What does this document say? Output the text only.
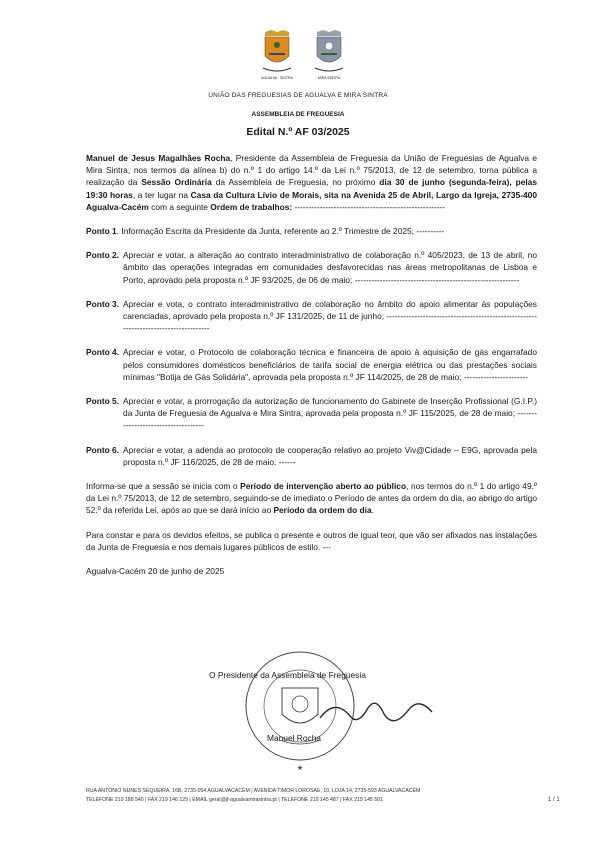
AGUALVA · SINTRA	MIRA SINTRA
UNIÃO DAS FREGUESIAS DE AGUALVA E MIRA SINTRA
ASSEMBLEIA DE FREGUESIA
Edital N.º AF 03/2025

Manuel de Jesus Magalhães Rocha, Presidente da Assembleia de Freguesia da União de Freguesias de Agualva e Mira Sintra, nos termos da alínea b) do n.º 1 do artigo 14.º da Lei n.º 75/2013, de 12 de setembro, torna pública a realização da Sessão Ordinária da Assembleia de Freguesia, no próximo dia 30 de junho (segunda-feira), pelas 19:30 horas, a ter lugar na Casa da Cultura Lívio de Morais, sita na Avenida 25 de Abril, Largo da Igreja, 2735-400 Agualva-Cacém com a seguinte Ordem de trabalhos: ------------------------------------------------------

Ponto 1. Informação Escrita da Presidente da Junta, referente ao 2.º Trimestre de 2025; ----------
Ponto 2. Apreciar e votar, a alteração ao contrato interadministrativo de colaboração n.º 405/2023, de 13 de abril, no âmbito das operações integradas em comunidades desfavorecidas nas áreas metropolitanas de Lisboa e Porto, aprovado pela proposta n.º JF 93/2025, de 06 de maio; -----------------------------------------------------------
Ponto 3. Apreciar e vota, o contrato interadministrativo de colaboração no âmbito do apoio alimentar às populações carenciadas, aprovado pela proposta n.º JF 131/2025, de 11 de junho; -------------------------------------------------------------------------------------
Ponto 4. Apreciar e votar, o Protocolo de colaboração técnica e financeira de apoio à aquisição de gás engarrafado pelos consumidores domésticos beneficiários de tarifa social de energia elétrica ou das prestações sociais mínimas "Botija de Gás Solidária", aprovada pela proposta n.º JF 114/2025, de 28 de maio; -----------------------
Ponto 5. Apreciar e votar, a prorrogação da autorização de funcionamento do Gabinete de Inserção Profissional (G.I.P.) da Junta de Freguesia de Agualva e Mira Sintra, aprovada pela proposta n.º JF 115/2025, de 28 de maio; ------------------------------------
Ponto 6. Apreciar e votar, a adenda ao protocolo de cooperação relativo ao projeto Viv@Cidade – E9G, aprovada pela proposta n.º JF 116/2025, de 28 de maio. ------

Informa-se que a sessão se inicia com o Período de intervenção aberto ao público, nos termos do n.º 1 do artigo 49.º da Lei n.º 75/2013, de 12 de setembro, seguindo-se de imediato o Período de antes da ordem do dia, ao abrigo do artigo 52.º da referida Lei, após ao que se dará início ao Período da ordem do dia.

Para constar e para os devidos efeitos, se publica o presente e outros de igual teor, que vão ser afixados nas instalações da Junta de Freguesia e nos demais lugares públicos de estilo. ---

Agualva-Cacém 20 de junho de 2025

★
O Presidente da Assembleia de Freguesia
Manuel Rocha
RUA ANTÓNIO NUNES SEQUEIRA, 16B, 2735-054 AGUALVACACÉM | AVENIDA TIMOR LOROSAE, 10, LOJA 14, 2735-593 AGUALVACACÉM
TELEFONE 219 188 540 | FAX 219 146 129 | EMAIL geral@jf-agualvamirasintra.pt | TELEFONE 219 145 487 | FAX 219 145 501	1 / 1
